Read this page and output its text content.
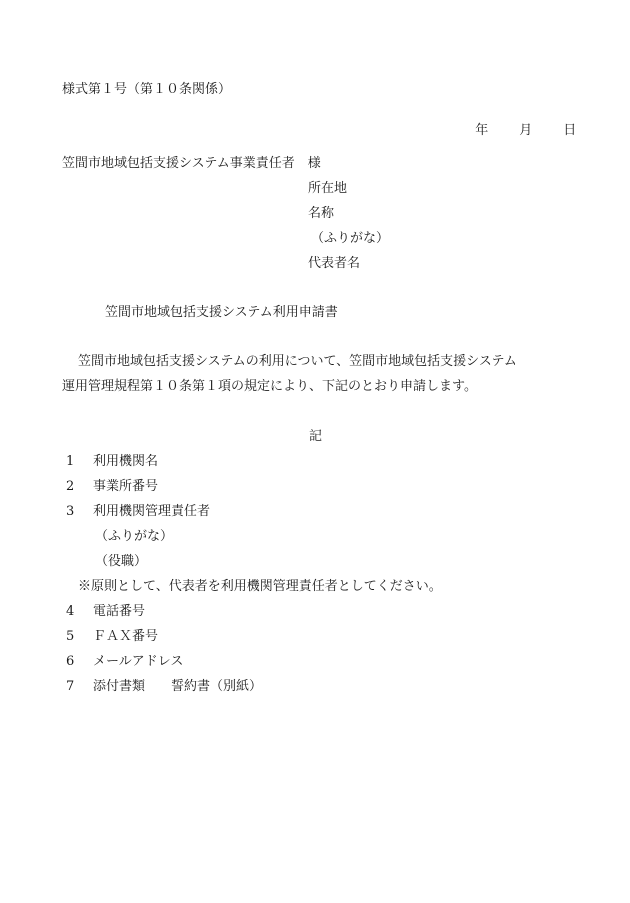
様式第１号（第１０条関係）

年 月 日

笠間市地域包括支援システム事業責任者　様
所在地
名称
（ふりがな）
代表者名
笠間市地域包括支援システム利用申請書
笠間市地域包括支援システムの利用について、笠間市地域包括支援システム
運用管理規程第１０条第１項の規定により、下記のとおり申請します。
記
1 利用機関名
2 事業所番号
3 利用機関管理責任者
（ふりがな）
（役職）
※原則として、代表者を利用機関管理責任者としてください。
4 電話番号
5 ＦＡＸ番号
6 メールアドレス
7 添付書類　　誓約書（別紙）
